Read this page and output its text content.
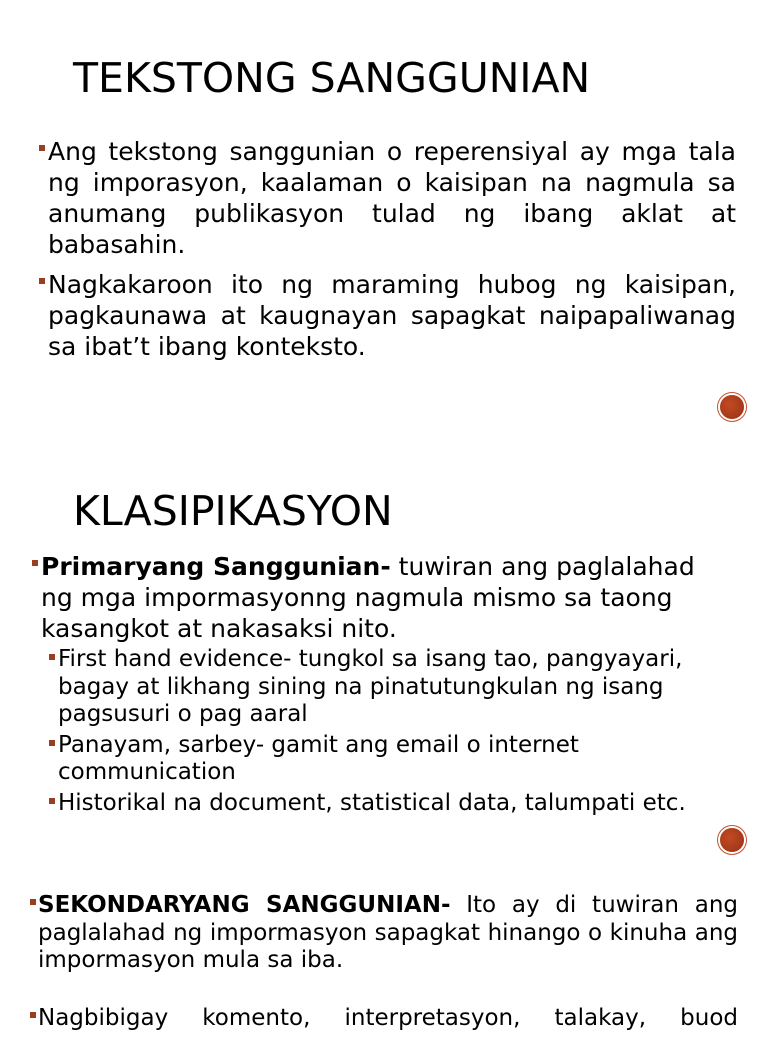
TEKSTONG SANGGUNIAN
Ang tekstong sanggunian o reperensiyal ay mga tala ng imporasyon, kaalaman o kaisipan na nagmula sa anumang publikasyon tulad ng ibang aklat at babasahin.
Nagkakaroon ito ng maraming hubog ng kaisipan, pagkaunawa at kaugnayan sapagkat naipapaliwanag sa ibat’t ibang konteksto.
KLASIPIKASYON
Primaryang Sanggunian- tuwiran ang paglalahad ng mga impormasyonng nagmula mismo sa taong kasangkot at nakasaksi nito.
First hand evidence- tungkol sa isang tao, pangyayari, bagay at likhang sining na pinatutungkulan ng isang pagsusuri o pag aaral
Panayam, sarbey- gamit ang email o internet communication
Historikal na document, statistical data, talumpati etc.
SEKONDARYANG SANGGUNIAN- Ito ay di tuwiran ang paglalahad ng impormasyon sapagkat hinango o kinuha ang impormasyon mula sa iba.
Nagbibigay komento, interpretasyon, talakay, buod
